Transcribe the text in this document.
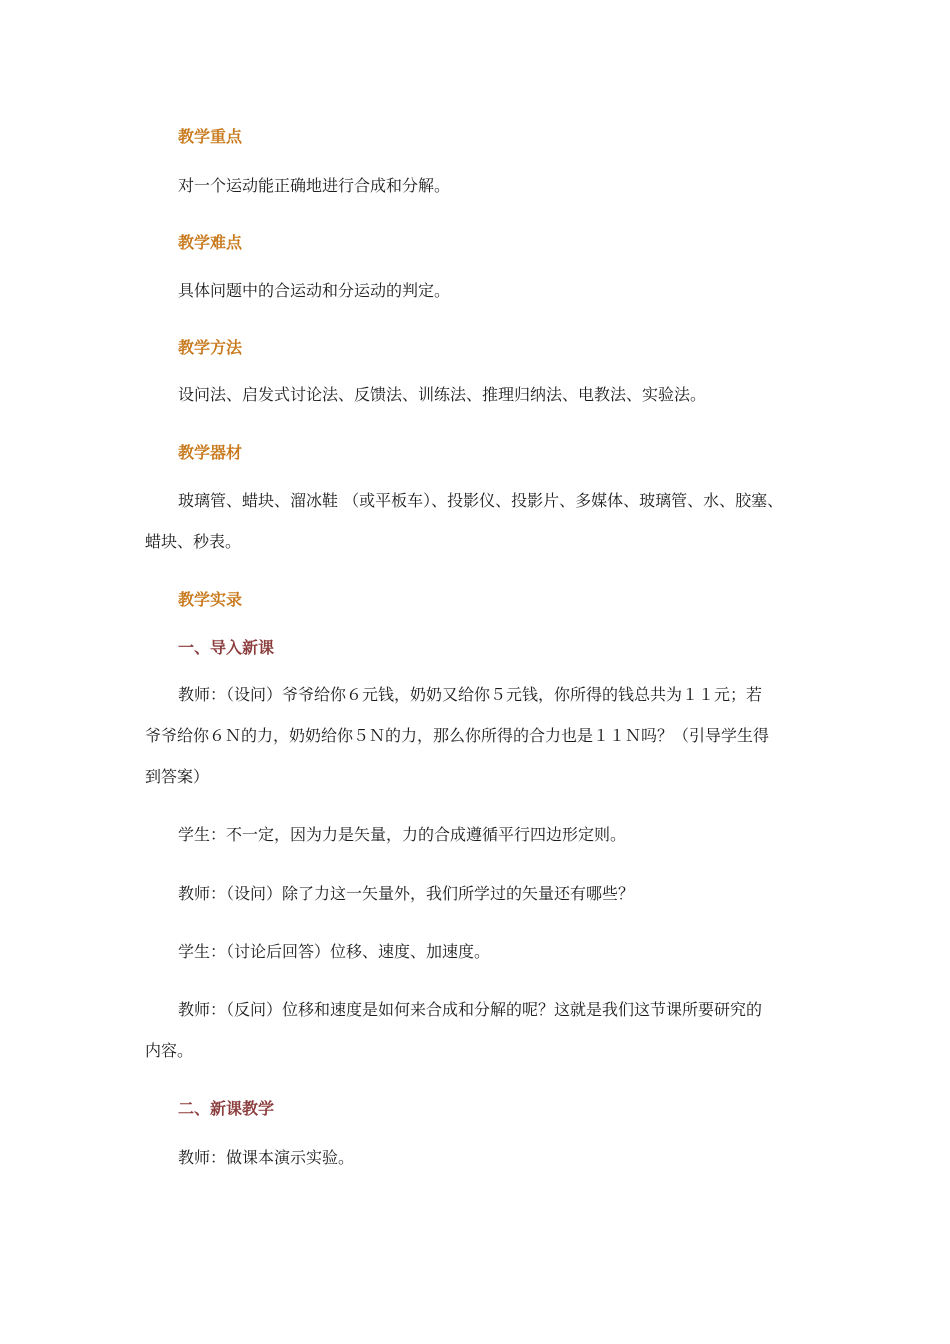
教学重点

对一个运动能正确地进行合成和分解。

教学难点

具体问题中的合运动和分运动的判定。

教学方法

设问法、启发式讨论法、反馈法、训练法、推理归纳法、电教法、实验法。

教学器材
玻璃管、蜡块、溜冰鞋 （或平板车）、投影仪、投影片、多媒体、玻璃管、水、胶塞、
蜡块、秒表。
教学实录
一、导入新课
教师：（设问）爷爷给你６元钱，奶奶又给你５元钱，你所得的钱总共为１１元；若
爷爷给你６Ｎ的力，奶奶给你５Ｎ的力，那么你所得的合力也是１１Ｎ吗？（引导学生得
到答案）

学生：不一定，因为力是矢量，力的合成遵循平行四边形定则。

教师：（设问）除了力这一矢量外，我们所学过的矢量还有哪些？

学生：（讨论后回答）位移、速度、加速度。

教师：（反问）位移和速度是如何来合成和分解的呢？这就是我们这节课所要研究的
内容。
二、新课教学

教师：做课本演示实验。
